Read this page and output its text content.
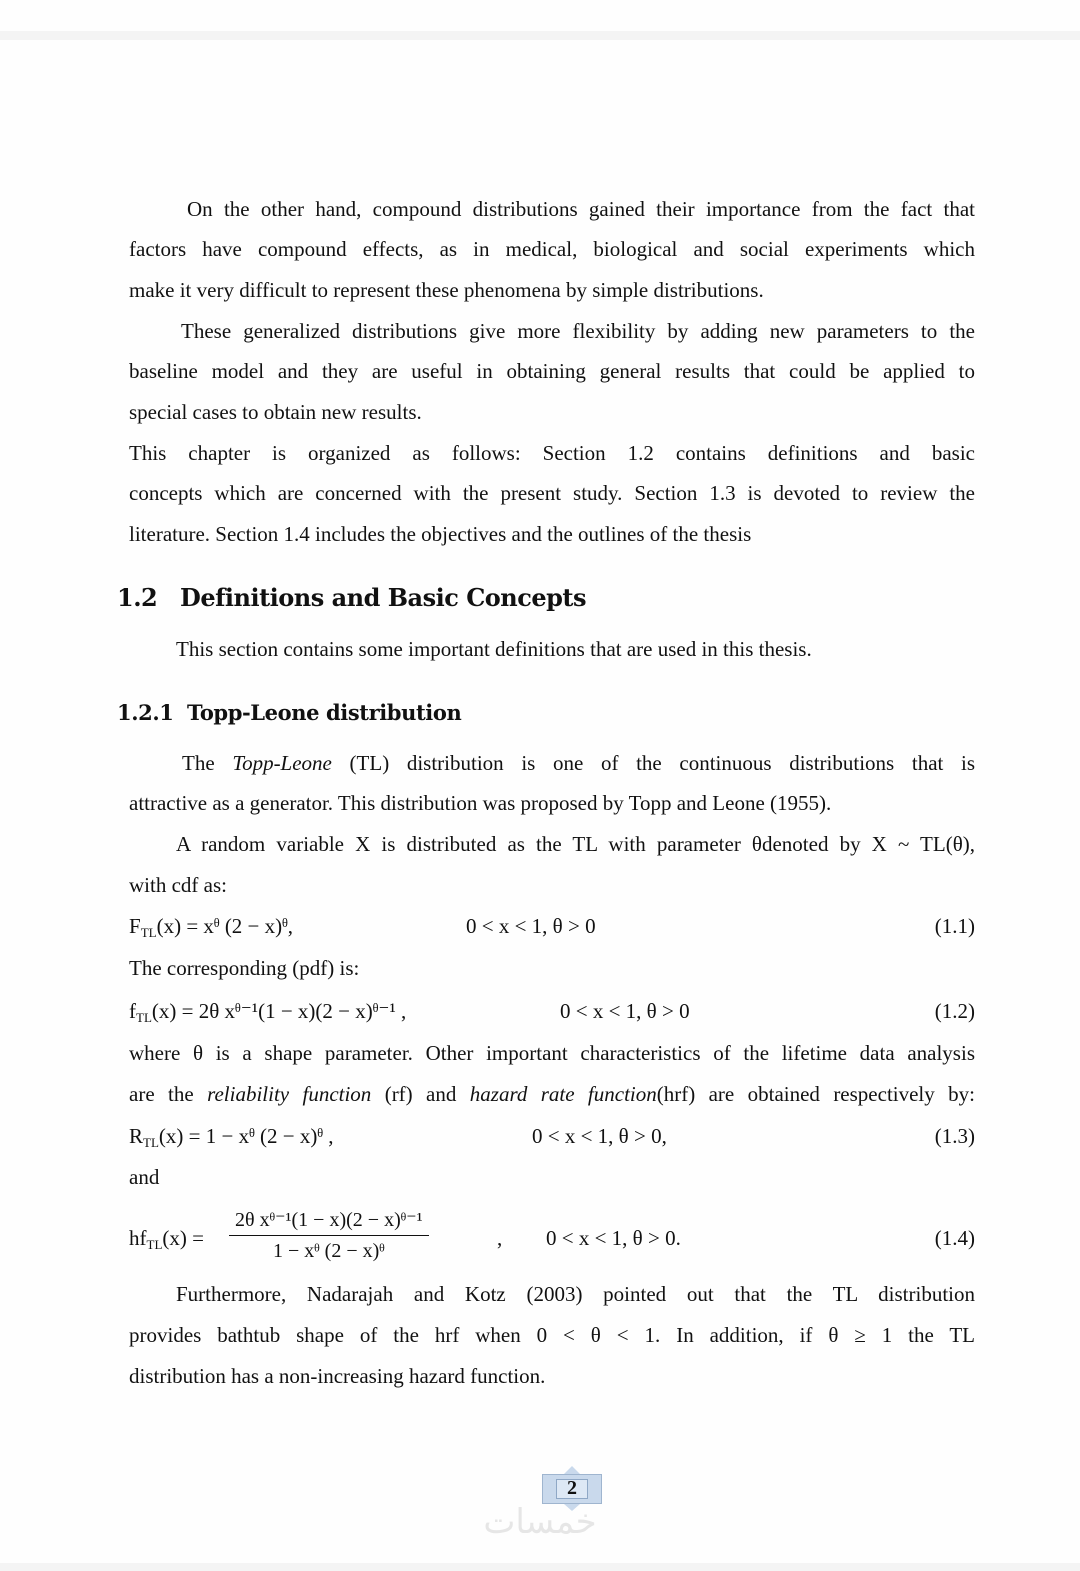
On the other hand, compound distributions gained their importance from the fact that
factors have compound effects, as in medical, biological and social experiments which
make it very difficult to represent these phenomena by simple distributions.
These generalized distributions give more flexibility by adding new parameters to the
baseline model and they are useful in obtaining general results that could be applied to
special cases to obtain new results.
This chapter is organized as follows: Section 1.2 contains definitions and basic
concepts which are concerned with the present study. Section 1.3 is devoted to review the
literature. Section 1.4 includes the objectives and the outlines of the thesis
1.2 Definitions and Basic Concepts
This section contains some important definitions that are used in this thesis.
1.2.1 Topp-Leone distribution
The Topp-Leone (TL) distribution is one of the continuous distributions that is
attractive as a generator. This distribution was proposed by Topp and Leone (1955).
A random variable X is distributed as the TL with parameter θdenoted by X ~ TL(θ),
with cdf as:
$F_{TL}(x)$ = xᶿ (2 − x)ᶿ,	0 < x < 1, θ > 0	(1.1)
The corresponding (pdf) is:
$f_{TL}(x) = 2\theta$ xᶿ⁻¹(1 − x)(2 − x)ᶿ⁻¹ ,	0 < x < 1, θ > 0	(1.2)
where θ is a shape parameter. Other important characteristics of the lifetime data analysis
are the reliability function (rf) and hazard rate function(hrf) are obtained respectively by:
$R_{TL}(x) = 1$ − xᶿ (2 − x)ᶿ ,	0 < x < 1, θ > 0,	(1.3)
and
$hf_{TL}(x) = \frac{\text{2θ xᶿ⁻¹(1 − x)(2 − x)ᶿ⁻¹}}{\text{1 − xᶿ (2 − x)ᶿ}}$	, 0 < x < 1, θ > 0.	(1.4)
Furthermore, Nadarajah and Kotz (2003) pointed out that the TL distribution
provides bathtub shape of the hrf when 0 < θ < 1. In addition, if θ ≥ 1 the TL
distribution has a non-increasing hazard function.
2
خمسات
